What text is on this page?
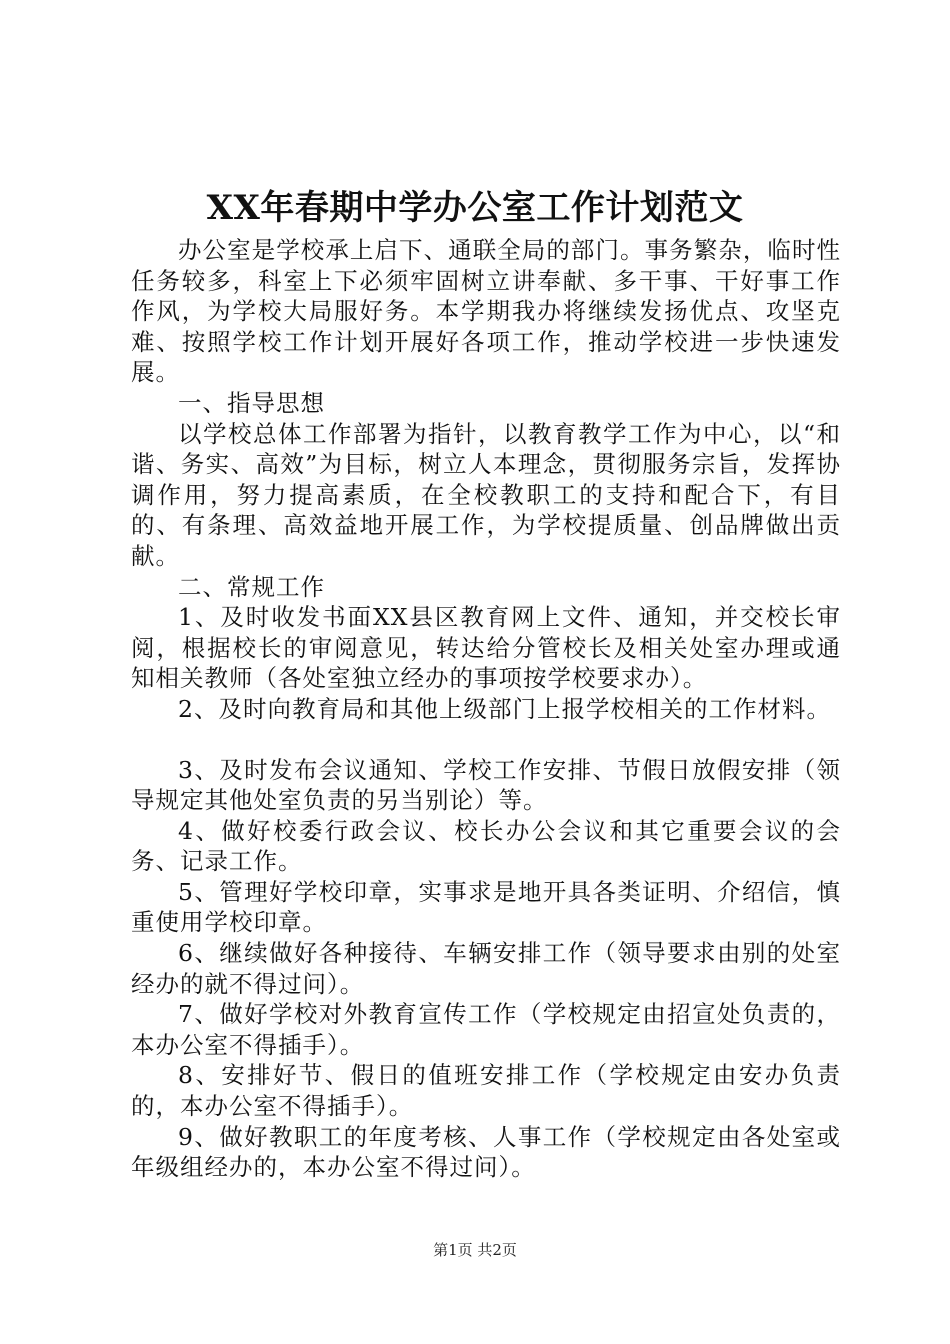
XX年春期中学办公室工作计划范文

办公室是学校承上启下、通联全局的部门。事务繁杂，临时性任务较多，科室上下必须牢固树立讲奉献、多干事、干好事工作作风，为学校大局服好务。本学期我办将继续发扬优点、攻坚克难、按照学校工作计划开展好各项工作，推动学校进一步快速发展。

一、指导思想

以学校总体工作部署为指针，以教育教学工作为中心，以“和谐、务实、高效”为目标，树立人本理念，贯彻服务宗旨，发挥协调作用，努力提高素质，在全校教职工的支持和配合下，有目的、有条理、高效益地开展工作，为学校提质量、创品牌做出贡献。

二、常规工作

1、及时收发书面XX县区教育网上文件、通知，并交校长审阅，根据校长的审阅意见，转达给分管校长及相关处室办理或通知相关教师（各处室独立经办的事项按学校要求办）。

2、及时向教育局和其他上级部门上报学校相关的工作材料。

3、及时发布会议通知、学校工作安排、节假日放假安排（领导规定其他处室负责的另当别论）等。

4、做好校委行政会议、校长办公会议和其它重要会议的会务、记录工作。

5、管理好学校印章，实事求是地开具各类证明、介绍信，慎重使用学校印章。

6、继续做好各种接待、车辆安排工作（领导要求由别的处室经办的就不得过问）。

7、做好学校对外教育宣传工作（学校规定由招宣处负责的，本办公室不得插手）。

8、安排好节、假日的值班安排工作（学校规定由安办负责的，本办公室不得插手）。

9、做好教职工的年度考核、人事工作（学校规定由各处室或年级组经办的，本办公室不得过问）。

第1页 共2页
